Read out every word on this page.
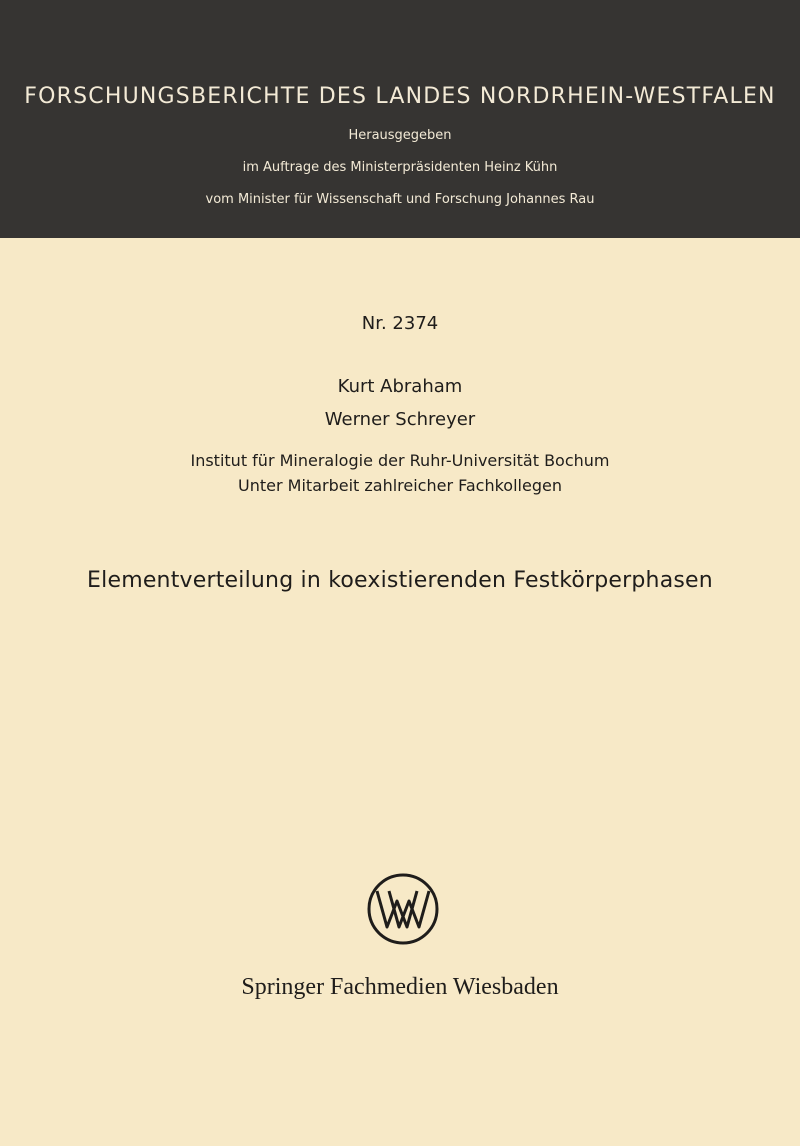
FORSCHUNGSBERICHTE DES LANDES NORDRHEIN-WESTFALEN
Herausgegeben
im Auftrage des Ministerpräsidenten Heinz Kühn
vom Minister für Wissenschaft und Forschung Johannes Rau
Nr. 2374
Kurt Abraham
Werner Schreyer
Institut für Mineralogie der Ruhr-Universität Bochum
Unter Mitarbeit zahlreicher Fachkollegen
Elementverteilung in koexistierenden Festkörperphasen
Springer Fachmedien Wiesbaden
